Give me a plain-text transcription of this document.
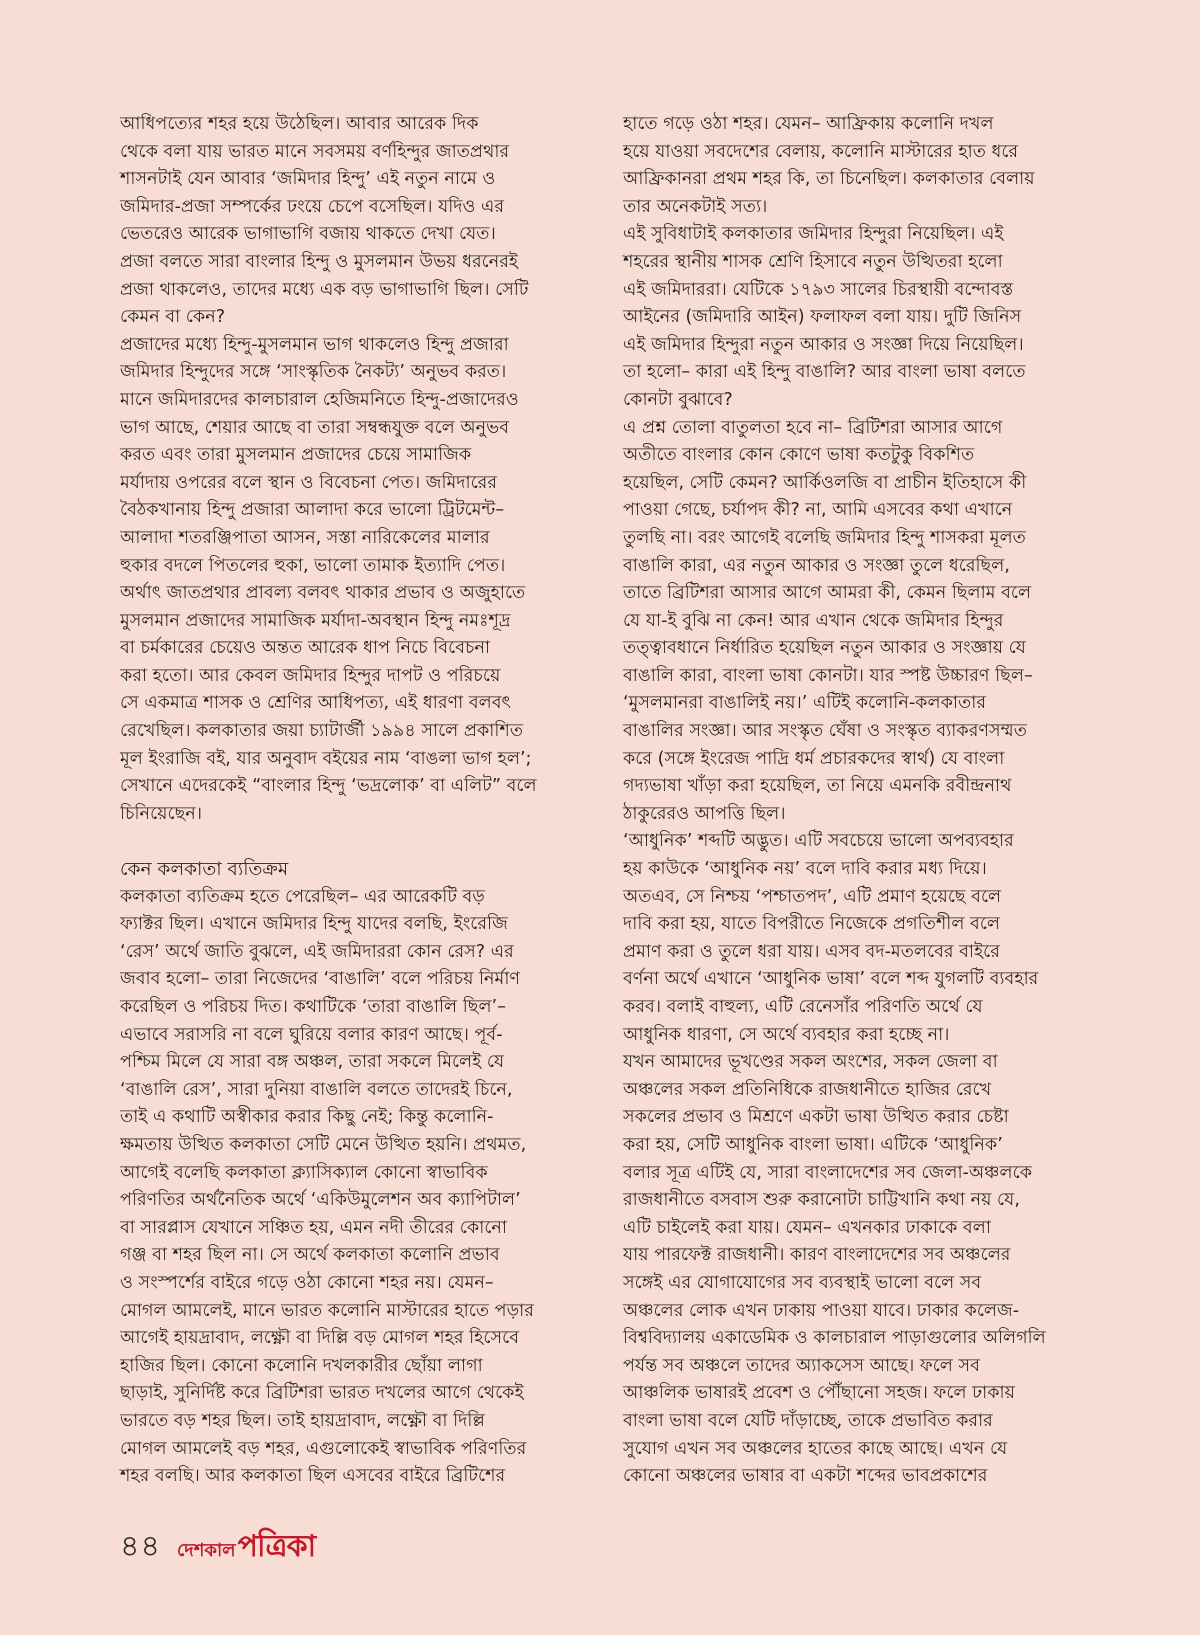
আধিপত্যের শহর হয়ে উঠেছিল। আবার আরেক দিক
থেকে বলা যায় ভারত মানে সবসময় বর্ণহিন্দুর জাতপ্রথার
শাসনটাই যেন আবার ‘জমিদার হিন্দু’ এই নতুন নামে ও
জমিদার-প্রজা সম্পর্কের ঢংয়ে চেপে বসেছিল। যদিও এর
ভেতরেও আরেক ভাগাভাগি বজায় থাকতে দেখা যেত।
প্রজা বলতে সারা বাংলার হিন্দু ও মুসলমান উভয় ধরনেরই
প্রজা থাকলেও, তাদের মধ্যে এক বড় ভাগাভাগি ছিল। সেটি
কেমন বা কেন?
প্রজাদের মধ্যে হিন্দু-মুসলমান ভাগ থাকলেও হিন্দু প্রজারা
জমিদার হিন্দুদের সঙ্গে ‘সাংস্কৃতিক নৈকট্য’ অনুভব করত।
মানে জমিদারদের কালচারাল হেজিমনিতে হিন্দু-প্রজাদেরও
ভাগ আছে, শেয়ার আছে বা তারা সম্বন্ধযুক্ত বলে অনুভব
করত এবং তারা মুসলমান প্রজাদের চেয়ে সামাজিক
মর্যাদায় ওপরের বলে স্থান ও বিবেচনা পেত। জমিদারের
বৈঠকখানায় হিন্দু প্রজারা আলাদা করে ভালো ট্রিটমেন্ট–
আলাদা শতরঞ্জিপাতা আসন, সস্তা নারিকেলের মালার
হুকার বদলে পিতলের হুকা, ভালো তামাক ইত্যাদি পেত।
অর্থাৎ জাতপ্রথার প্রাবল্য বলবৎ থাকার প্রভাব ও অজুহাতে
মুসলমান প্রজাদের সামাজিক মর্যাদা-অবস্থান হিন্দু নমঃশূদ্র
বা চর্মকারের চেয়েও অন্তত আরেক ধাপ নিচে বিবেচনা
করা হতো। আর কেবল জমিদার হিন্দুর দাপট ও পরিচয়ে
সে একমাত্র শাসক ও শ্রেণির আধিপত্য, এই ধারণা বলবৎ
রেখেছিল। কলকাতার জয়া চ্যাটার্জী ১৯৯৪ সালে প্রকাশিত
মূল ইংরাজি বই, যার অনুবাদ বইয়ের নাম ‘বাঙলা ভাগ হল’;
সেখানে এদেরকেই “বাংলার হিন্দু ‘ভদ্রলোক’ বা এলিট” বলে
চিনিয়েছেন।
কেন কলকাতা ব্যতিক্রম
কলকাতা ব্যতিক্রম হতে পেরেছিল– এর আরেকটি বড়
ফ্যাক্টর ছিল। এখানে জমিদার হিন্দু যাদের বলছি, ইংরেজি
‘রেস’ অর্থে জাতি বুঝলে, এই জমিদাররা কোন রেস? এর
জবাব হলো– তারা নিজেদের ‘বাঙালি’ বলে পরিচয় নির্মাণ
করেছিল ও পরিচয় দিত। কথাটিকে ‘তারা বাঙালি ছিল’–
এভাবে সরাসরি না বলে ঘুরিয়ে বলার কারণ আছে। পূর্ব-
পশ্চিম মিলে যে সারা বঙ্গ অঞ্চল, তারা সকলে মিলেই যে
‘বাঙালি রেস’, সারা দুনিয়া বাঙালি বলতে তাদেরই চিনে,
তাই এ কথাটি অস্বীকার করার কিছু নেই; কিন্তু কলোনি-
ক্ষমতায় উত্থিত কলকাতা সেটি মেনে উত্থিত হয়নি। প্রথমত,
আগেই বলেছি কলকাতা ক্ল্যাসিক্যাল কোনো স্বাভাবিক
পরিণতির অর্থনৈতিক অর্থে ‘একিউমুলেশন অব ক্যাপিটাল’
বা সারপ্লাস যেখানে সঞ্চিত হয়, এমন নদী তীরের কোনো
গঞ্জ বা শহর ছিল না। সে অর্থে কলকাতা কলোনি প্রভাব
ও সংস্পর্শের বাইরে গড়ে ওঠা কোনো শহর নয়। যেমন–
মোগল আমলেই, মানে ভারত কলোনি মাস্টারের হাতে পড়ার
আগেই হায়দ্রাবাদ, লক্ষ্ণৌ বা দিল্লি বড় মোগল শহর হিসেবে
হাজির ছিল। কোনো কলোনি দখলকারীর ছোঁয়া লাগা
ছাড়াই, সুনির্দিষ্ট করে ব্রিটিশরা ভারত দখলের আগে থেকেই
ভারতে বড় শহর ছিল। তাই হায়দ্রাবাদ, লক্ষ্ণৌ বা দিল্লি
মোগল আমলেই বড় শহর, এগুলোকেই স্বাভাবিক পরিণতির
শহর বলছি। আর কলকাতা ছিল এসবের বাইরে ব্রিটিশের
হাতে গড়ে ওঠা শহর। যেমন– আফ্রিকায় কলোনি দখল
হয়ে যাওয়া সবদেশের বেলায়, কলোনি মাস্টারের হাত ধরে
আফ্রিকানরা প্রথম শহর কি, তা চিনেছিল। কলকাতার বেলায়
তার অনেকটাই সত্য।
এই সুবিধাটাই কলকাতার জমিদার হিন্দুরা নিয়েছিল। এই
শহরের স্থানীয় শাসক শ্রেণি হিসাবে নতুন উত্থিতরা হলো
এই জমিদাররা। যেটিকে ১৭৯৩ সালের চিরস্থায়ী বন্দোবস্ত
আইনের (জমিদারি আইন) ফলাফল বলা যায়। দুটি জিনিস
এই জমিদার হিন্দুরা নতুন আকার ও সংজ্ঞা দিয়ে নিয়েছিল।
তা হলো– কারা এই হিন্দু বাঙালি? আর বাংলা ভাষা বলতে
কোনটা বুঝাবে?
এ প্রশ্ন তোলা বাতুলতা হবে না– ব্রিটিশরা আসার আগে
অতীতে বাংলার কোন কোণে ভাষা কতটুকু বিকশিত
হয়েছিল, সেটি কেমন? আর্কিওলজি বা প্রাচীন ইতিহাসে কী
পাওয়া গেছে, চর্যাপদ কী? না, আমি এসবের কথা এখানে
তুলছি না। বরং আগেই বলেছি জমিদার হিন্দু শাসকরা মূলত
বাঙালি কারা, এর নতুন আকার ও সংজ্ঞা তুলে ধরেছিল,
তাতে ব্রিটিশরা আসার আগে আমরা কী, কেমন ছিলাম বলে
যে যা-ই বুঝি না কেন! আর এখান থেকে জমিদার হিন্দুর
তত্ত্বাবধানে নির্ধারিত হয়েছিল নতুন আকার ও সংজ্ঞায় যে
বাঙালি কারা, বাংলা ভাষা কোনটা। যার স্পষ্ট উচ্চারণ ছিল–
‘মুসলমানরা বাঙালিই নয়।’ এটিই কলোনি-কলকাতার
বাঙালির সংজ্ঞা। আর সংস্কৃত ঘেঁষা ও সংস্কৃত ব্যাকরণসম্মত
করে (সঙ্গে ইংরেজ পাদ্রি ধর্ম প্রচারকদের স্বার্থ) যে বাংলা
গদ্যভাষা খাঁড়া করা হয়েছিল, তা নিয়ে এমনকি রবীন্দ্রনাথ
ঠাকুরেরও আপত্তি ছিল।
‘আধুনিক’ শব্দটি অদ্ভুত। এটি সবচেয়ে ভালো অপব্যবহার
হয় কাউকে ‘আধুনিক নয়’ বলে দাবি করার মধ্য দিয়ে।
অতএব, সে নিশ্চয় ‘পশ্চাতপদ’, এটি প্রমাণ হয়েছে বলে
দাবি করা হয়, যাতে বিপরীতে নিজেকে প্রগতিশীল বলে
প্রমাণ করা ও তুলে ধরা যায়। এসব বদ-মতলবের বাইরে
বর্ণনা অর্থে এখানে ‘আধুনিক ভাষা’ বলে শব্দ যুগলটি ব্যবহার
করব। বলাই বাহুল্য, এটি রেনেসাঁর পরিণতি অর্থে যে
আধুনিক ধারণা, সে অর্থে ব্যবহার করা হচ্ছে না।
যখন আমাদের ভূখণ্ডের সকল অংশের, সকল জেলা বা
অঞ্চলের সকল প্রতিনিধিকে রাজধানীতে হাজির রেখে
সকলের প্রভাব ও মিশ্রণে একটা ভাষা উত্থিত করার চেষ্টা
করা হয়, সেটি আধুনিক বাংলা ভাষা। এটিকে ‘আধুনিক’
বলার সূত্র এটিই যে, সারা বাংলাদেশের সব জেলা-অঞ্চলকে
রাজধানীতে বসবাস শুরু করানোটা চাট্টিখানি কথা নয় যে,
এটি চাইলেই করা যায়। যেমন– এখনকার ঢাকাকে বলা
যায় পারফেক্ট রাজধানী। কারণ বাংলাদেশের সব অঞ্চলের
সঙ্গেই এর যোগাযোগের সব ব্যবস্থাই ভালো বলে সব
অঞ্চলের লোক এখন ঢাকায় পাওয়া যাবে। ঢাকার কলেজ-
বিশ্ববিদ্যালয় একাডেমিক ও কালচারাল পাড়াগুলোর অলিগলি
পর্যন্ত সব অঞ্চলে তাদের অ্যাকসেস আছে। ফলে সব
আঞ্চলিক ভাষারই প্রবেশ ও পৌঁছানো সহজ। ফলে ঢাকায়
বাংলা ভাষা বলে যেটি দাঁড়াচ্ছে, তাকে প্রভাবিত করার
সুযোগ এখন সব অঞ্চলের হাতের কাছে আছে। এখন যে
কোনো অঞ্চলের ভাষার বা একটা শব্দের ভাবপ্রকাশের
৪৪ দেশকাল পত্রিকা
